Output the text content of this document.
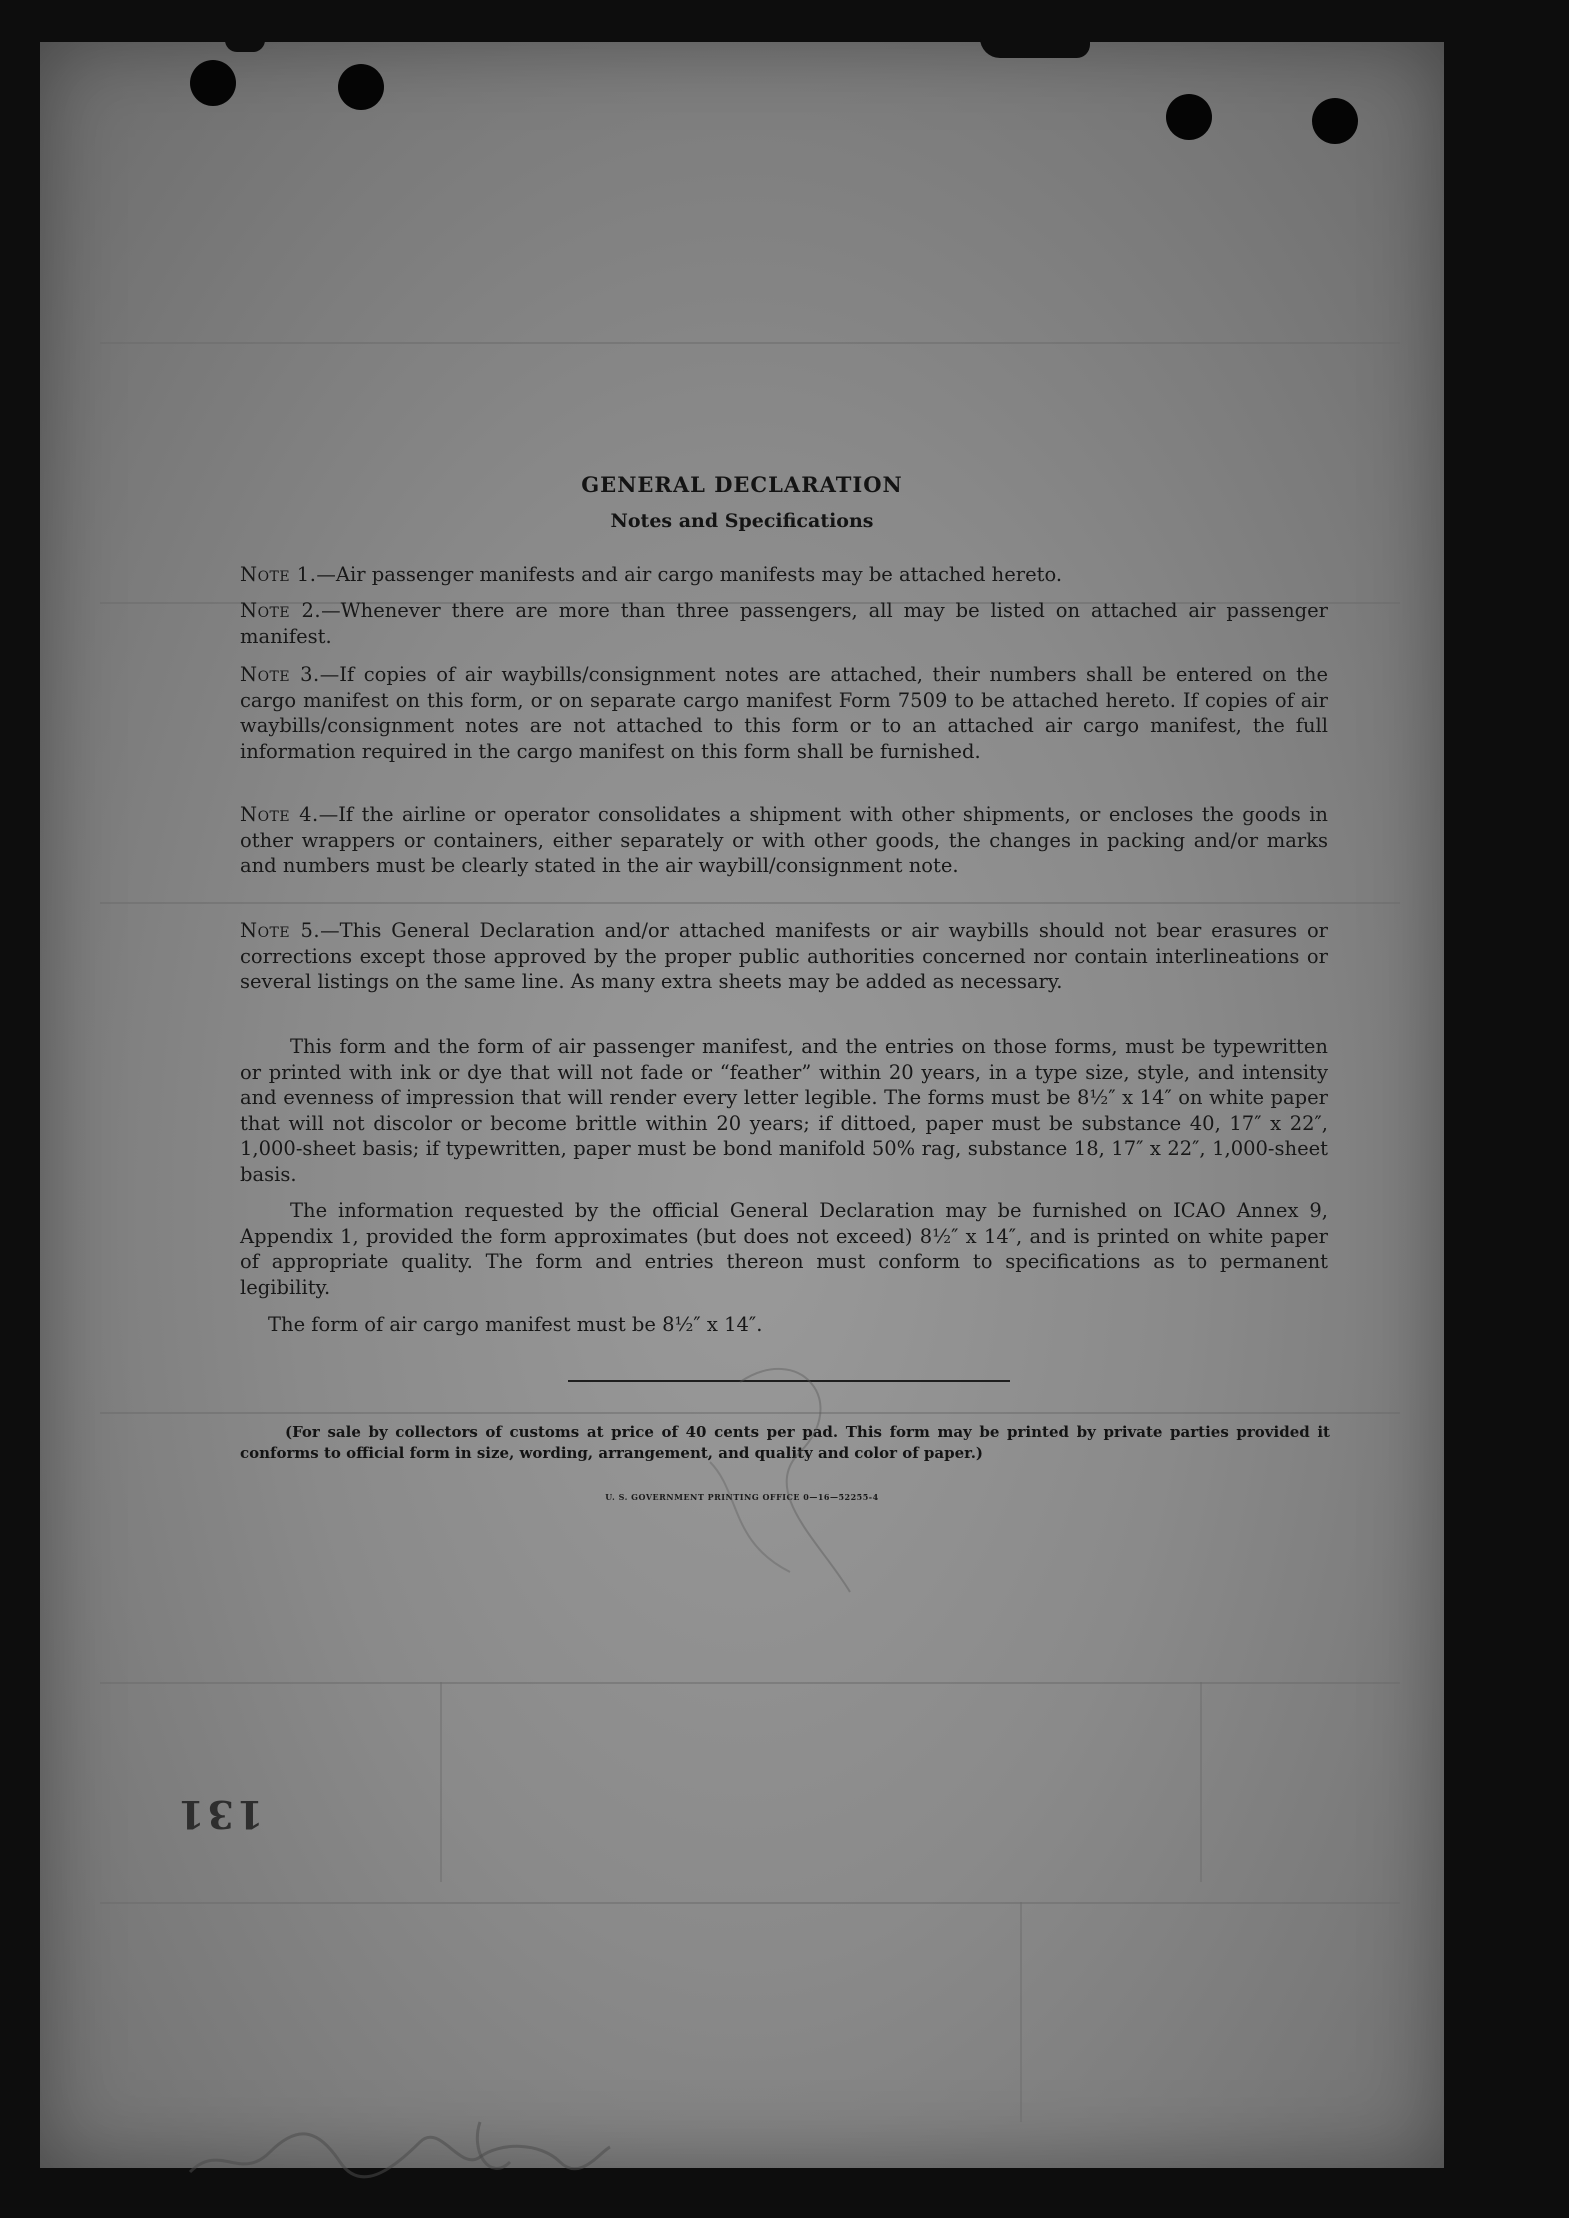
GENERAL DECLARATION
Notes and Specifications
Note 1.—Air passenger manifests and air cargo manifests may be attached hereto.
Note 2.—Whenever there are more than three passengers, all may be listed on attached air passenger manifest.
Note 3.—If copies of air waybills/consignment notes are attached, their numbers shall be entered on the cargo manifest on this form, or on separate cargo manifest Form 7509 to be attached hereto. If copies of air waybills/consignment notes are not attached to this form or to an attached air cargo manifest, the full information required in the cargo manifest on this form shall be furnished.
Note 4.—If the airline or operator consolidates a shipment with other shipments, or encloses the goods in other wrappers or containers, either separately or with other goods, the changes in packing and/or marks and numbers must be clearly stated in the air waybill/consignment note.
Note 5.—This General Declaration and/or attached manifests or air waybills should not bear erasures or corrections except those approved by the proper public authorities concerned nor contain interlineations or several listings on the same line. As many extra sheets may be added as necessary.
This form and the form of air passenger manifest, and the entries on those forms, must be typewritten or printed with ink or dye that will not fade or “feather” within 20 years, in a type size, style, and intensity and evenness of impression that will render every letter legible. The forms must be 8½″ x 14″ on white paper that will not discolor or become brittle within 20 years; if dittoed, paper must be substance 40, 17″ x 22″, 1,000-sheet basis; if typewritten, paper must be bond manifold 50% rag, substance 18, 17″ x 22″, 1,000-sheet basis.
The information requested by the official General Declaration may be furnished on ICAO Annex 9, Appendix 1, provided the form approximates (but does not exceed) 8½″ x 14″, and is printed on white paper of appropriate quality. The form and entries thereon must conform to specifications as to permanent legibility.
The form of air cargo manifest must be 8½″ x 14″.
(For sale by collectors of customs at price of 40 cents per pad. This form may be printed by private parties provided it conforms to official form in size, wording, arrangement, and quality and color of paper.)
U. S. GOVERNMENT PRINTING OFFICE 0—16—52255-4
131
